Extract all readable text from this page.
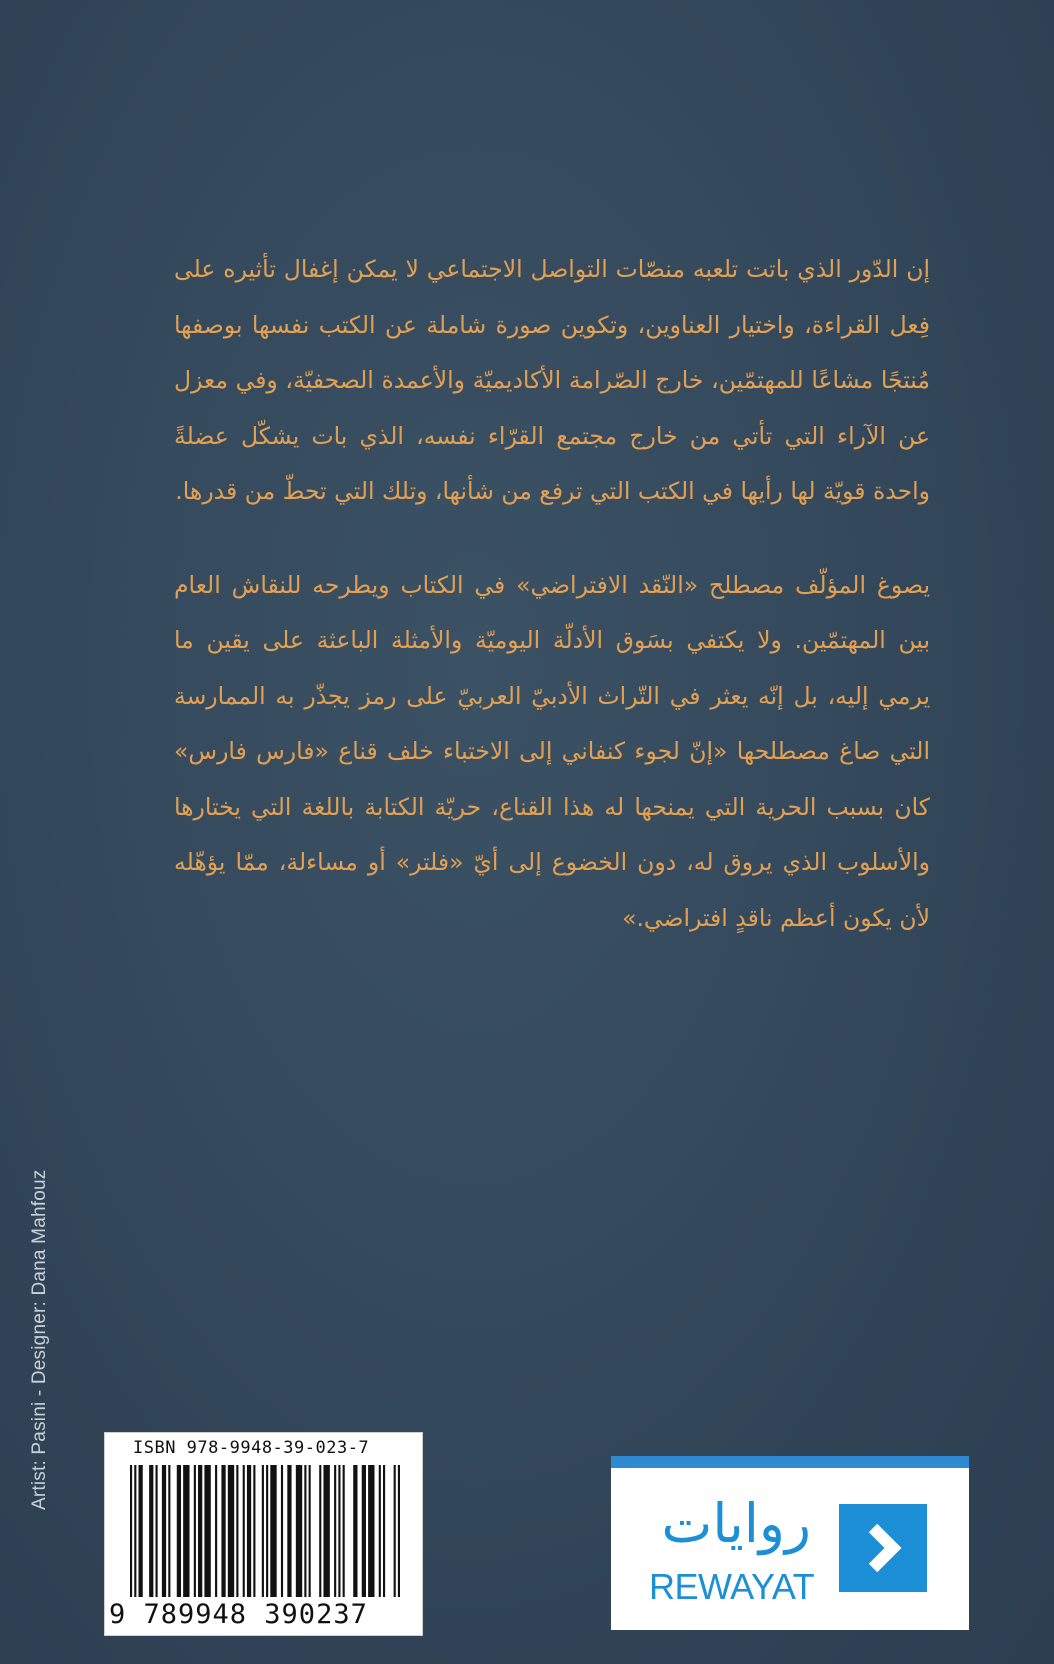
إن الدّور الذي باتت تلعبه منصّات التواصل الاجتماعي لا يمكن إغفال تأثيره على فِعل القراءة، واختيار العناوين، وتكوين صورة شاملة عن الكتب نفسها بوصفها مُنتجًا مشاعًا للمهتمّين، خارج الصّرامة الأكاديميّة والأعمدة الصحفيّة، وفي معزل عن الآراء التي تأتي من خارج مجتمع القرّاء نفسه، الذي بات يشكّل عضلةً واحدة قويّة لها رأيها في الكتب التي ترفع من شأنها، وتلك التي تحطّ من قدرها.

يصوغ المؤلّف مصطلح «النّقد الافتراضي» في الكتاب ويطرحه للنقاش العام بين المهتمّين. ولا يكتفي بسَوق الأدلّة اليوميّة والأمثلة الباعثة على يقين ما يرمي إليه، بل إنّه يعثر في التّراث الأدبيّ العربيّ على رمز يجذّر به الممارسة التي صاغ مصطلحها «إنّ لجوء كنفاني إلى الاختباء خلف قناع «فارس فارس» كان بسبب الحرية التي يمنحها له هذا القناع، حريّة الكتابة باللغة التي يختارها والأسلوب الذي يروق له، دون الخضوع إلى أيّ «فلتر» أو مساءلة، ممّا يؤهّله لأن يكون أعظم ناقدٍ افتراضي.»

Artist: Pasini - Designer: Dana Mahfouz	ISBN 978-9948-39-023-7
9 789948 390237
روايات
REWAYAT
